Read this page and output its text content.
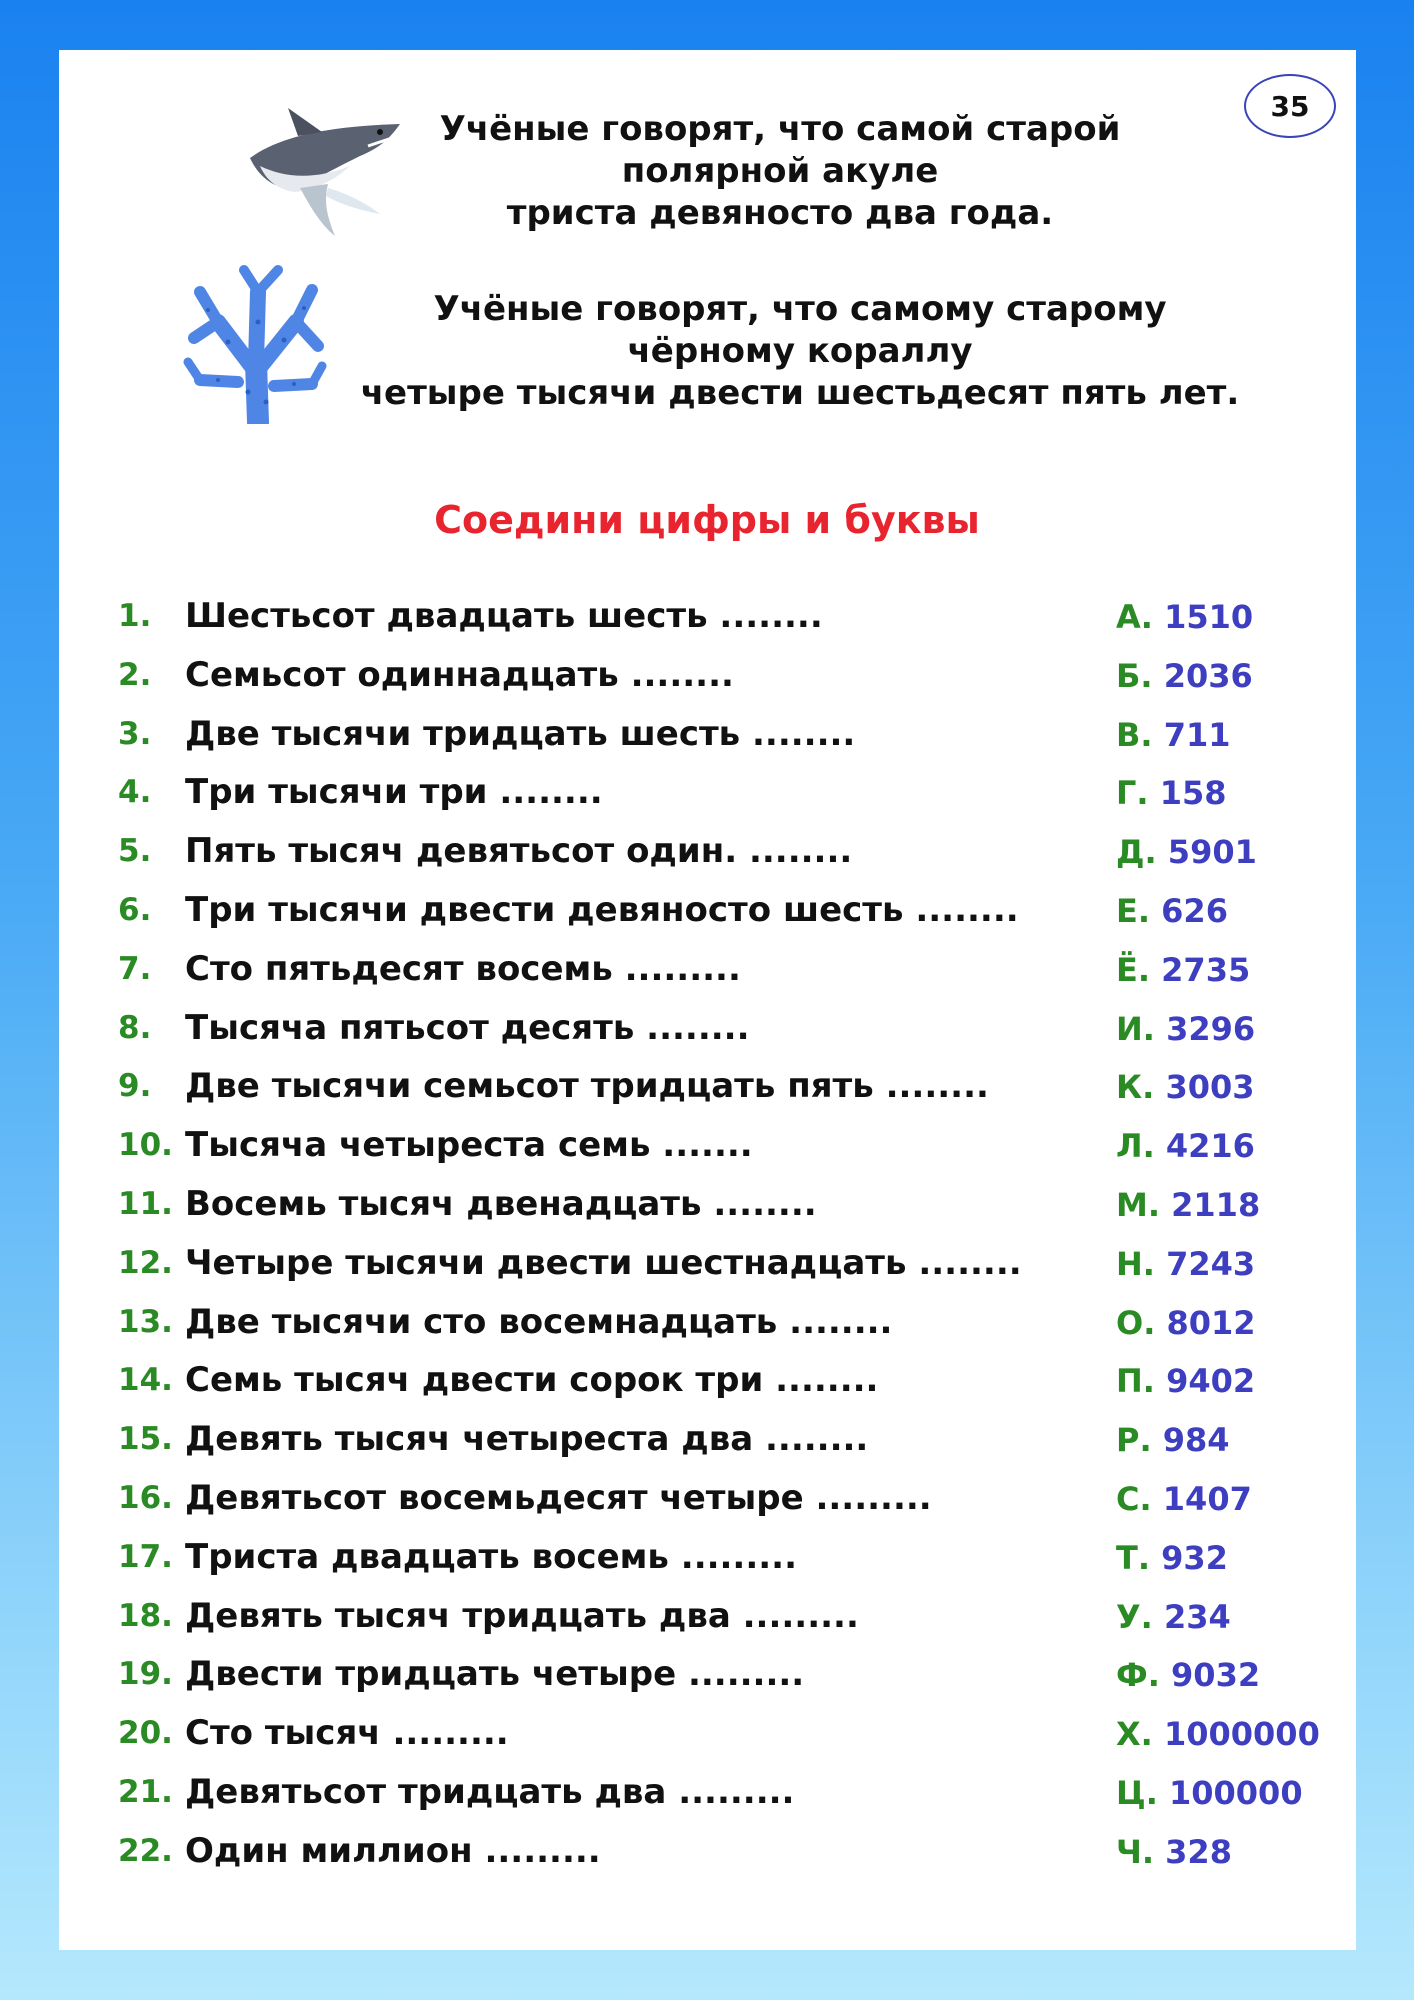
35
Учёные говорят, что самой старой
полярной акуле
триста девяносто два года.
Учёные говорят, что самому старому
чёрному кораллу
четыре тысячи двести шестьдесят пять лет.
Соедини цифры и буквы
1. Шестьсот двадцать шесть ........	А. 1510
2. Семьсот одиннадцать ........	Б. 2036
3. Две тысячи тридцать шесть ........	В. 711
4. Три тысячи три ........	Г. 158
5. Пять тысяч девятьсот один. ........	Д. 5901
6. Три тысячи двести девяносто шесть ........	Е. 626
7. Сто пятьдесят восемь .........	Ё. 2735
8. Тысяча пятьсот десять ........	И. 3296
9. Две тысячи семьсот тридцать пять ........	К. 3003
10. Тысяча четыреста семь .......	Л. 4216
11. Восемь тысяч двенадцать ........	М. 2118
12. Четыре тысячи двести шестнадцать ........	Н. 7243
13. Две тысячи сто восемнадцать ........	О. 8012
14. Семь тысяч двести сорок три ........	П. 9402
15. Девять тысяч четыреста два ........	Р. 984
16. Девятьсот восемьдесят четыре .........	С. 1407
17. Триста двадцать восемь .........	Т. 932
18. Девять тысяч тридцать два .........	У. 234
19. Двести тридцать четыре .........	Ф. 9032
20. Сто тысяч .........	Х. 1000000
21. Девятьсот тридцать два .........	Ц. 100000
22. Один миллион .........	Ч. 328
